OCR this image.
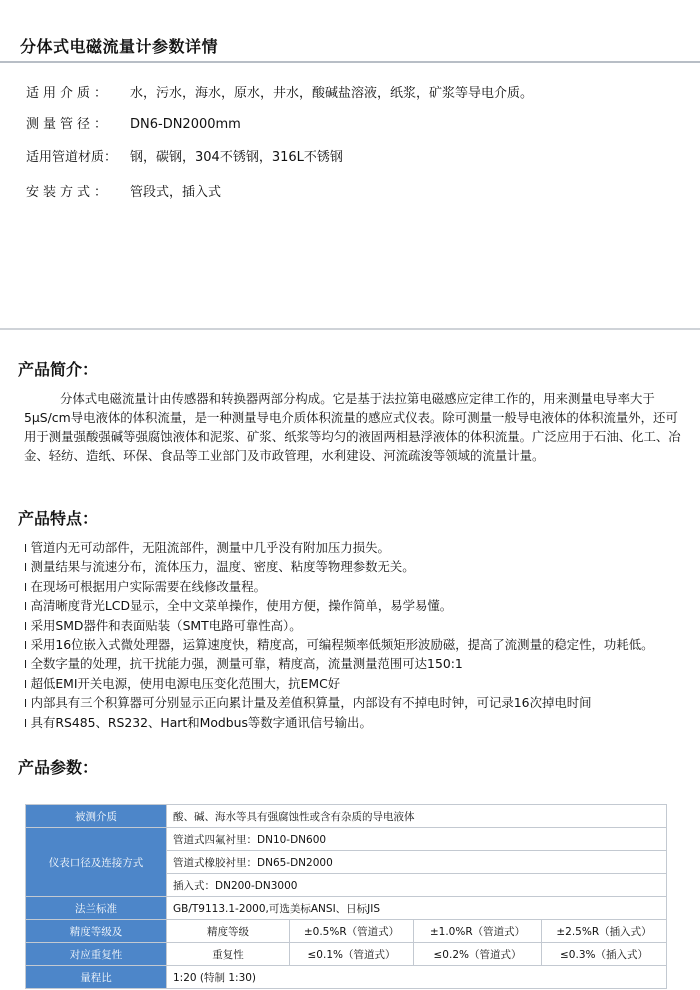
分体式电磁流量计参数详情
适用介质： 水，污水，海水，原水，井水，酸碱盐溶液，纸浆，矿浆等导电介质。
测量管径： DN6-DN2000mm
适用管道材质： 钢，碳钢，304不锈钢，316L不锈钢
安装方式： 管段式，插入式
产品简介：

分体式电磁流量计由传感器和转换器两部分构成。它是基于法拉第电磁感应定律工作的，用来测量电导率大于5μS/cm导电液体的体积流量，是一种测量导电介质体积流量的感应式仪表。除可测量一般导电液体的体积流量外，还可用于测量强酸强碱等强腐蚀液体和泥浆、矿浆、纸浆等均匀的液固两相悬浮液体的体积流量。广泛应用于石油、化工、冶金、轻纺、造纸、环保、食品等工业部门及市政管理，水利建设、河流疏浚等领域的流量计量。

产品特点：
l 管道内无可动部件，无阻流部件，测量中几乎没有附加压力损失。
l 测量结果与流速分布，流体压力，温度、密度、粘度等物理参数无关。
l 在现场可根据用户实际需要在线修改量程。
l 高清晰度背光LCD显示，全中文菜单操作，使用方便，操作简单，易学易懂。
l 采用SMD器件和表面贴装（SMT电路可靠性高）。
l 采用16位嵌入式微处理器，运算速度快，精度高，可编程频率低频矩形波励磁，提高了流测量的稳定性，功耗低。
l 全数字量的处理，抗干扰能力强，测量可靠，精度高，流量测量范围可达150:1
l 超低EMI开关电源，使用电源电压变化范围大，抗EMC好
l 内部具有三个积算器可分别显示正向累计量及差值积算量，内部设有不掉电时钟，可记录16次掉电时间
l 具有RS485、RS232、Hart和Modbus等数字通讯信号输出。
产品参数：
被测介质	酸、碱、海水等具有强腐蚀性或含有杂质的导电液体			
仪表口径及连接方式	管道式四氟衬里：DN10-DN600			
	管道式橡胶衬里：DN65-DN2000			
	插入式：DN200-DN3000			
法兰标准	GB/T9113.1-2000,可选美标ANSI、日标JIS			
精度等级及	精度等级	±0.5%R（管道式）	±1.0%R（管道式）	±2.5%R（插入式）
对应重复性	重复性	≤0.1%（管道式）	≤0.2%（管道式）	≤0.3%（插入式）
量程比	1:20 (特制 1:30)			
